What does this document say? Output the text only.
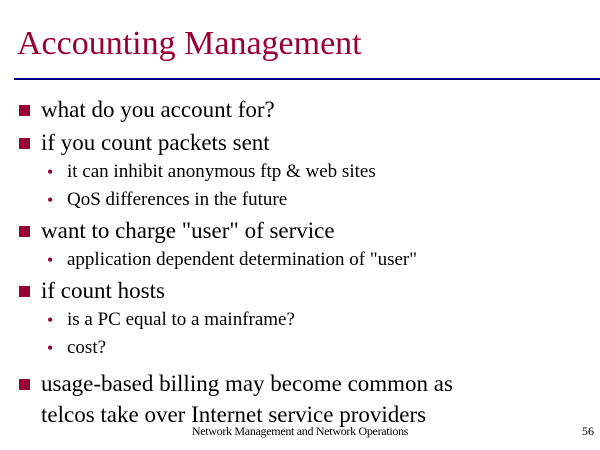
Accounting Management
what do you account for?
if you count packets sent
• it can inhibit anonymous ftp & web sites
• QoS differences in the future
want to charge "user" of service
• application dependent determination of "user"
if count hosts
• is a PC equal to a mainframe?
• cost?
usage-based billing may become common as
telcos take over Internet service providers
Network Management and Network Operations	56
